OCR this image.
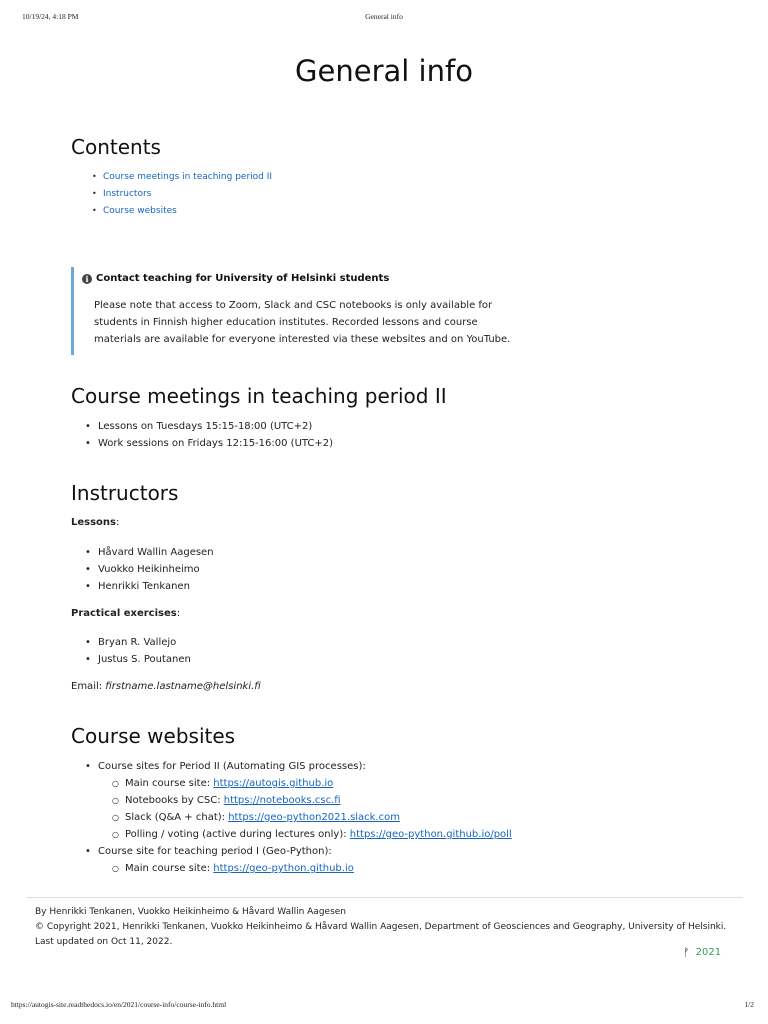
10/19/24, 4:18 PM	General info
General info
Contents
• Course meetings in teaching period II
• Instructors
• Course websites
i Contact teaching for University of Helsinki students
Please note that access to Zoom, Slack and CSC notebooks is only available for students in Finnish higher education institutes. Recorded lessons and course materials are available for everyone interested via these websites and on YouTube.
Course meetings in teaching period II
• Lessons on Tuesdays 15:15-18:00 (UTC+2)
• Work sessions on Fridays 12:15-16:00 (UTC+2)
Instructors
Lessons:
• Håvard Wallin Aagesen
• Vuokko Heikinheimo
• Henrikki Tenkanen
Practical exercises:
• Bryan R. Vallejo
• Justus S. Poutanen
Email: firstname.lastname@helsinki.fi
Course websites
• Course sites for Period II (Automating GIS processes):
○ Main course site: https://autogis.github.io
○ Notebooks by CSC: https://notebooks.csc.fi
○ Slack (Q&A + chat): https://geo-python2021.slack.com
○ Polling / voting (active during lectures only): https://geo-python.github.io/poll
• Course site for teaching period I (Geo-Python):
○ Main course site: https://geo-python.github.io
By Henrikki Tenkanen, Vuokko Heikinheimo & Håvard Wallin Aagesen
© Copyright 2021, Henrikki Tenkanen, Vuokko Heikinheimo & Håvard Wallin Aagesen, Department of Geosciences and Geography, University of Helsinki.
Last updated on Oct 11, 2022.
ᚠ 2021
https://autogis-site.readthedocs.io/en/2021/course-info/course-info.html	1/2
